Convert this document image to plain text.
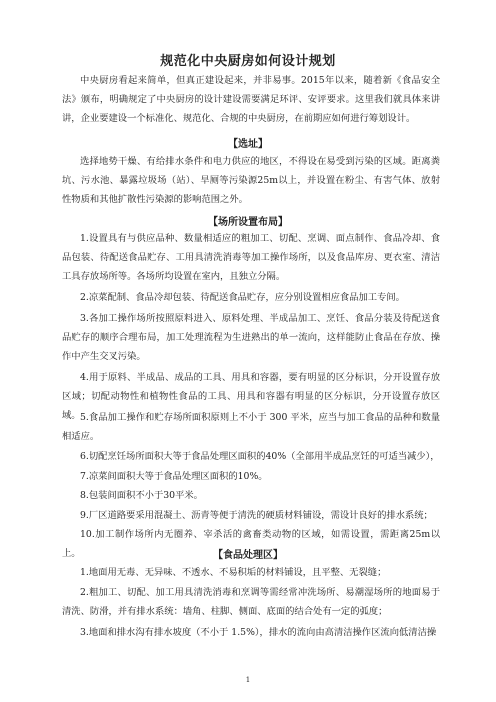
规范化中央厨房如何设计规划

中央厨房看起来简单，但真正建设起来，并非易事。2015年以来，随着新《食品安全法》颁布，明确规定了中央厨房的设计建设需要满足环评、安评要求。这里我们就具体来讲讲，企业要建设一个标准化、规范化、合规的中央厨房，在前期应如何进行筹划设计。

【选址】

选择地势干燥、有给排水条件和电力供应的地区，不得设在易受到污染的区域。距离粪坑、污水池、暴露垃圾场（站）、旱厕等污染源25m以上，并设置在粉尘、有害气体、放射性物质和其他扩散性污染源的影响范围之外。

【场所设置布局】

1.设置具有与供应品种、数量相适应的粗加工、切配、烹调、面点制作、食品冷却、食品包装、待配送食品贮存、工用具清洗消毒等加工操作场所，以及食品库房、更衣室、清洁工具存放场所等。各场所均设置在室内，且独立分隔。

2.凉菜配制、食品冷却包装、待配送食品贮存，应分别设置相应食品加工专间。

3.各加工操作场所按照原料进入、原料处理、半成品加工、烹饪、食品分装及待配送食品贮存的顺序合理布局，加工处理流程为生进熟出的单一流向，这样能防止食品在存放、操作中产生交叉污染。

4.用于原料、半成品、成品的工具、用具和容器，要有明显的区分标识，分开设置存放区域；切配动物性和植物性食品的工具、用具和容器有明显的区分标识，分开设置存放区域。 5.食品加工操作和贮存场所面积原则上不小于 300 平米，应当与加工食品的品种和数量相适应。

6.切配烹饪场所面积大等于食品处理区面积的40%（全部用半成品烹饪的可适当减少），

7.凉菜间面积大等于食品处理区面积的10%。

8.包装间面积不小于30平米。

9.厂区道路要采用混凝土、沥青等便于清洗的硬质材料铺设，需设计良好的排水系统；

10.加工制作场所内无圈养、宰杀活的禽畜类动物的区域，如需设置，需距离25m以上。	【食品处理区】

1.地面用无毒、无异味、不透水、不易积垢的材料铺设，且平整、无裂缝；

2.粗加工、切配、加工用具清洗消毒和烹调等需经常冲洗场所、易潮湿场所的地面易于清洗、防滑，并有排水系统：墙角、柱脚、侧面、底面的结合处有一定的弧度；

3.地面和排水沟有排水坡度（不小于 1.5%），排水的流向由高清洁操作区流向低清洁操

1
